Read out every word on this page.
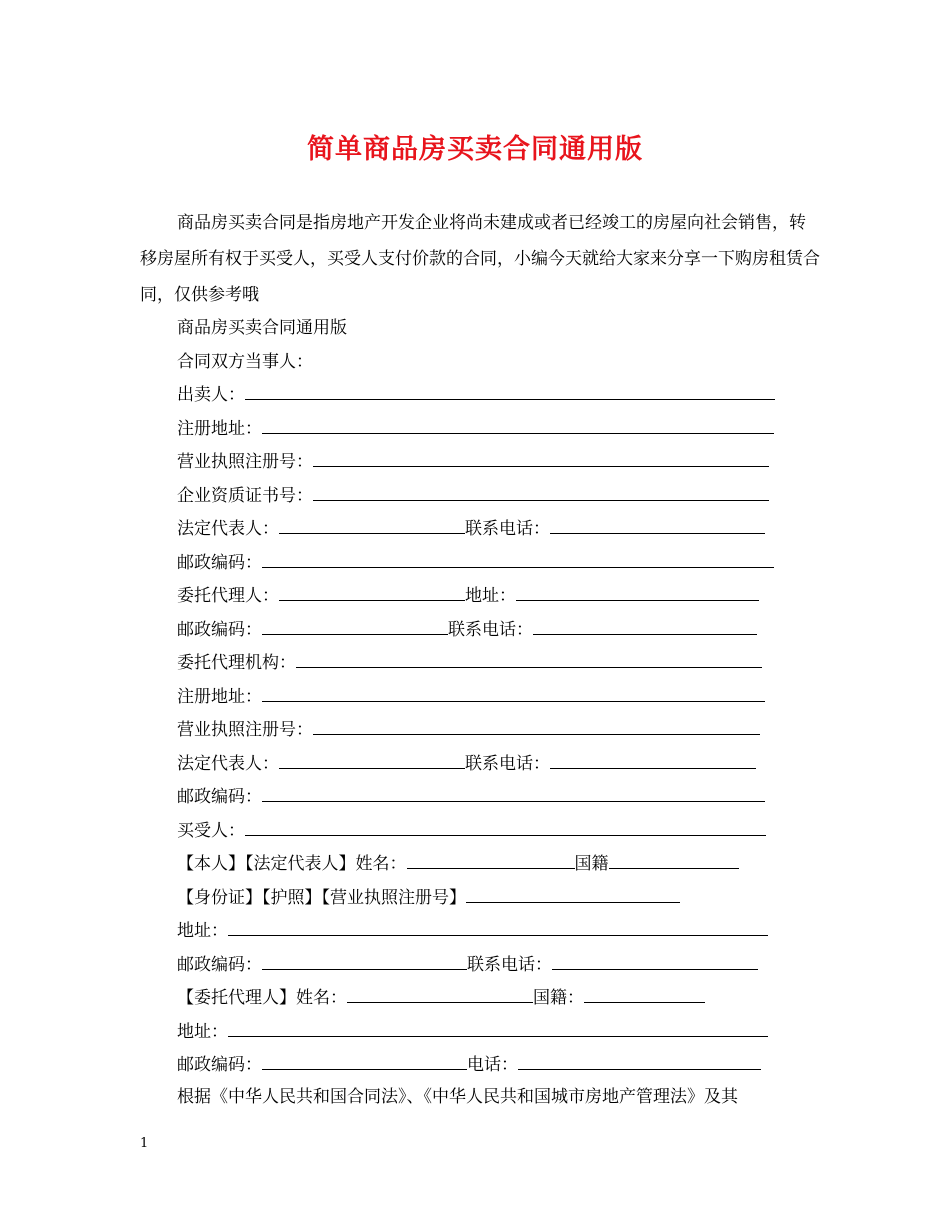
简单商品房买卖合同通用版
商品房买卖合同是指房地产开发企业将尚未建成或者已经竣工的房屋向社会销售，转移房屋所有权于买受人，买受人支付价款的合同，小编今天就给大家来分享一下购房租赁合同，仅供参考哦
商品房买卖合同通用版
合同双方当事人：
出卖人：
注册地址：
营业执照注册号：
企业资质证书号：
法定代表人：	联系电话：
邮政编码：
委托代理人：	地址：
邮政编码：	联系电话：
委托代理机构：
注册地址：
营业执照注册号：
法定代表人：	联系电话：
邮政编码：
买受人：
【本人】【法定代表人】姓名：	国籍
【身份证】【护照】【营业执照注册号】
地址：
邮政编码：	联系电话：
【委托代理人】姓名：	国籍：
地址：
邮政编码：	电话：
根据《中华人民共和国合同法》、《中华人民共和国城市房地产管理法》及其
1
